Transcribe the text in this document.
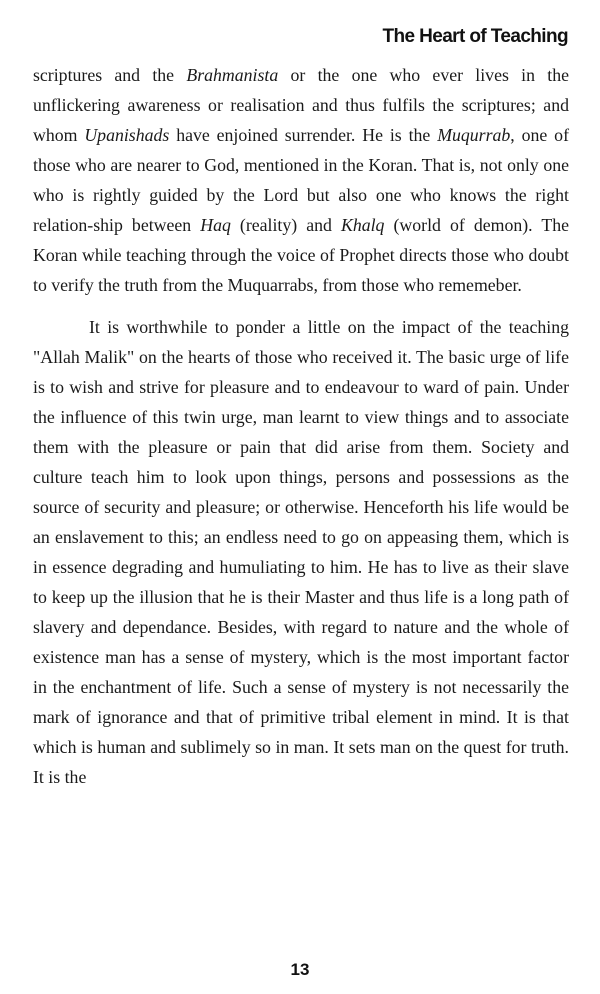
The Heart of Teaching

scriptures and the Brahmanista or the one who ever lives in the unflickering awareness or realisation and thus fulfils the scriptures; and whom Upanishads have enjoined surrender. He is the Muqurrab, one of those who are nearer to God, mentioned in the Koran. That is, not only one who is rightly guided by the Lord but also one who knows the right relation-ship between Haq (reality) and Khalq (world of demon). The Koran while teaching through the voice of Prophet directs those who doubt to verify the truth from the Muquarrabs, from those who rememeber.

It is worthwhile to ponder a little on the impact of the teaching "Allah Malik" on the hearts of those who received it. The basic urge of life is to wish and strive for pleasure and to endeavour to ward of pain. Under the influence of this twin urge, man learnt to view things and to associate them with the pleasure or pain that did arise from them. Society and culture teach him to look upon things, persons and possessions as the source of security and pleasure; or otherwise. Henceforth his life would be an enslavement to this; an endless need to go on appeasing them, which is in essence degrading and humuliating to him. He has to live as their slave to keep up the illusion that he is their Master and thus life is a long path of slavery and dependance. Besides, with regard to nature and the whole of existence man has a sense of mystery, which is the most important factor in the enchantment of life. Such a sense of mystery is not necessarily the mark of ignorance and that of primitive tribal element in mind. It is that which is human and sublimely so in man. It sets man on the quest for truth. It is the

13
